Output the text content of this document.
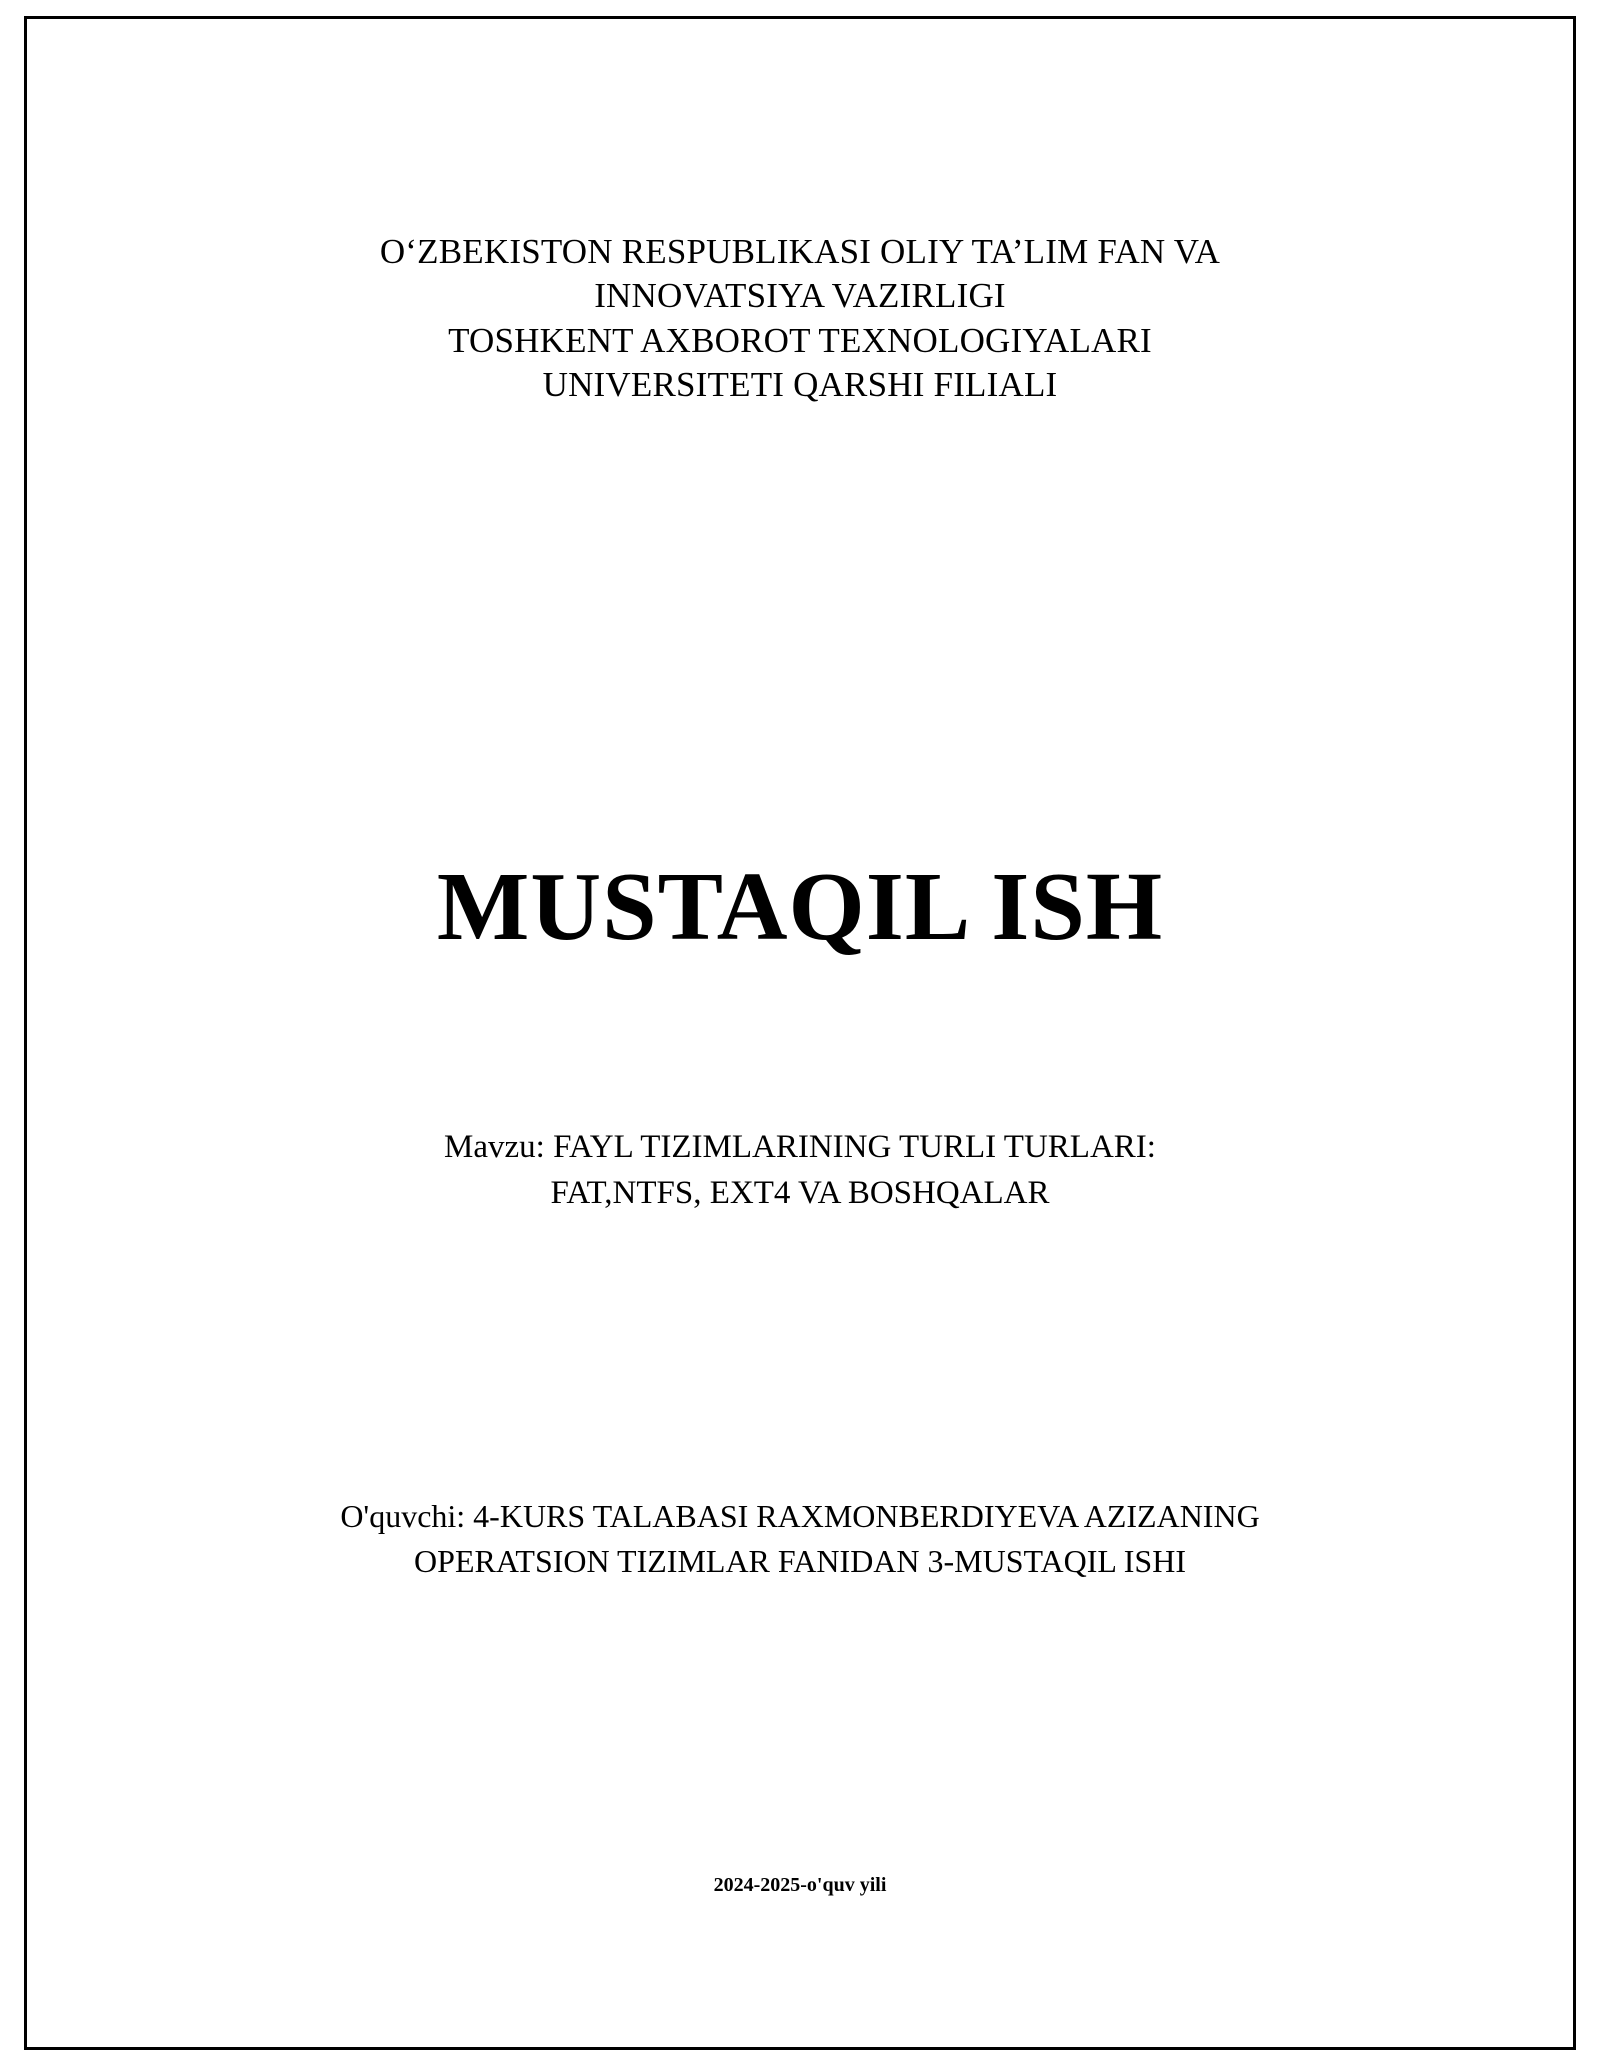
O‘ZBEKISTON RESPUBLIKASI OLIY TA’LIM FAN VA
INNOVATSIYA VAZIRLIGI
TOSHKENT AXBOROT TEXNOLOGIYALARI
UNIVERSITETI QARSHI FILIALI
MUSTAQIL ISH
Mavzu: FAYL TIZIMLARINING TURLI TURLARI:
FAT,NTFS, EXT4 VA BOSHQALAR
O'quvchi: 4-KURS TALABASI RAXMONBERDIYEVA AZIZANING
OPERATSION TIZIMLAR FANIDAN 3-MUSTAQIL ISHI
2024-2025-o'quv yili
